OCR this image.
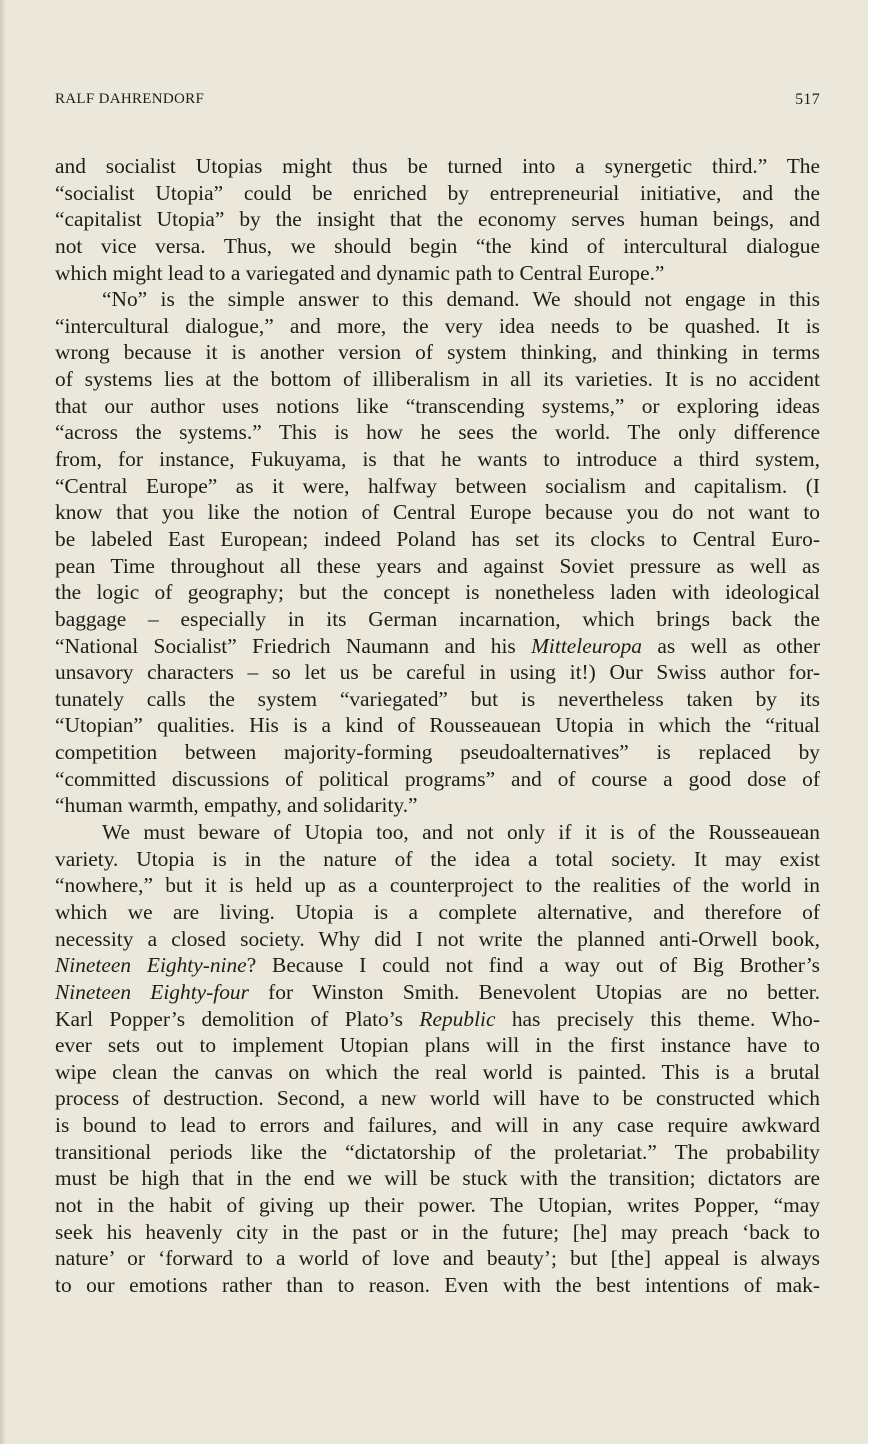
RALF DAHRENDORF	517
and socialist Utopias might thus be turned into a synergetic third.” The
“socialist Utopia” could be enriched by entrepreneurial initiative, and the
“capitalist Utopia” by the insight that the economy serves human beings, and
not vice versa. Thus, we should begin “the kind of intercultural dialogue
which might lead to a variegated and dynamic path to Central Europe.”
“No” is the simple answer to this demand. We should not engage in this
“intercultural dialogue,” and more, the very idea needs to be quashed. It is
wrong because it is another version of system thinking, and thinking in terms
of systems lies at the bottom of illiberalism in all its varieties. It is no accident
that our author uses notions like “transcending systems,” or exploring ideas
“across the systems.” This is how he sees the world. The only difference
from, for instance, Fukuyama, is that he wants to introduce a third system,
“Central Europe” as it were, halfway between socialism and capitalism. (I
know that you like the notion of Central Europe because you do not want to
be labeled East European; indeed Poland has set its clocks to Central Euro-
pean Time throughout all these years and against Soviet pressure as well as
the logic of geography; but the concept is nonetheless laden with ideological
baggage – especially in its German incarnation, which brings back the
“National Socialist” Friedrich Naumann and his Mitteleuropa as well as other
unsavory characters – so let us be careful in using it!) Our Swiss author for-
tunately calls the system “variegated” but is nevertheless taken by its
“Utopian” qualities. His is a kind of Rousseauean Utopia in which the “ritual
competition between majority-forming pseudoalternatives” is replaced by
“committed discussions of political programs” and of course a good dose of
“human warmth, empathy, and solidarity.”
We must beware of Utopia too, and not only if it is of the Rousseauean
variety. Utopia is in the nature of the idea a total society. It may exist
“nowhere,” but it is held up as a counterproject to the realities of the world in
which we are living. Utopia is a complete alternative, and therefore of
necessity a closed society. Why did I not write the planned anti-Orwell book,
Nineteen Eighty-nine? Because I could not find a way out of Big Brother’s
Nineteen Eighty-four for Winston Smith. Benevolent Utopias are no better.
Karl Popper’s demolition of Plato’s Republic has precisely this theme. Who-
ever sets out to implement Utopian plans will in the first instance have to
wipe clean the canvas on which the real world is painted. This is a brutal
process of destruction. Second, a new world will have to be constructed which
is bound to lead to errors and failures, and will in any case require awkward
transitional periods like the “dictatorship of the proletariat.” The probability
must be high that in the end we will be stuck with the transition; dictators are
not in the habit of giving up their power. The Utopian, writes Popper, “may
seek his heavenly city in the past or in the future; [he] may preach ‘back to
nature’ or ‘forward to a world of love and beauty’; but [the] appeal is always
to our emotions rather than to reason. Even with the best intentions of mak-
